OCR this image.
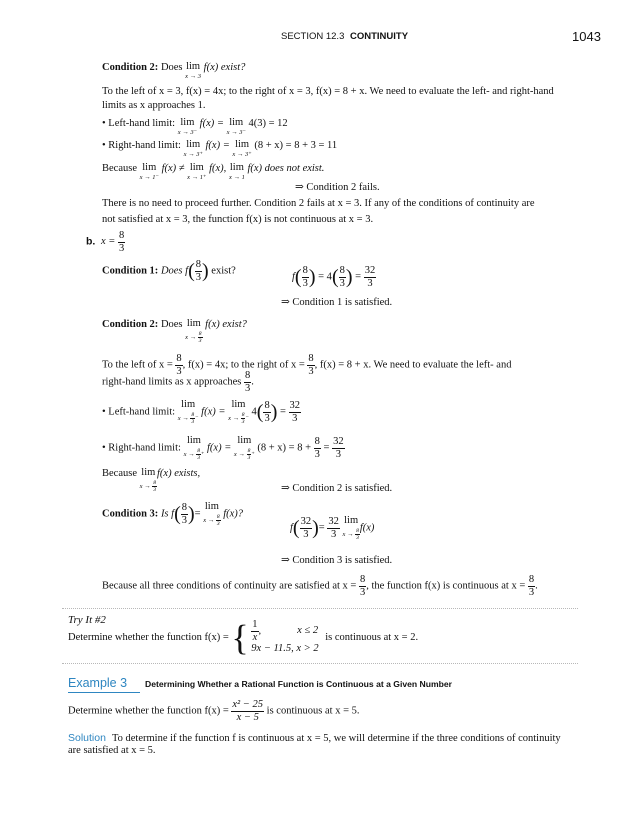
SECTION 12.3 CONTINUITY	1043
Condition 2: Does lim
x → 3
f(x) exist?
To the left of x = 3, f(x) = 4x; to the right of x = 3, f(x) = 8 + x. We need to evaluate the left- and right-hand
limits as x approaches 1.
• Left-hand limit: lim
x → 3⁻
f(x) = lim
x → 3⁻
4(3) = 12
• Right-hand limit: lim
x → 3⁺
f(x) = lim
x → 3⁺
(8 + x) = 8 + 3 = 11
Because lim
x → 1⁻
f(x) ≠ lim
x → 1⁺
f(x), lim
x → 1
f(x) does not exist.
⇒ Condition 2 fails.
There is no need to proceed further. Condition 2 fails at x = 3. If any of the conditions of continuity are
not satisfied at x = 3, the function f(x) is not continuous at x = 3.
b. $x = \frac{8}{3}$
Condition 1: Does $f( \frac{8}{3}$ ) exist?
$f( \frac{8}{3}$ ) = $4( \frac{8}{3}$ ) = $\frac{32}{3}$
⇒ Condition 1 is satisfied.
Condition 2: Does lim
$x \to \frac{8}{3}$
f(x) exist?
To the left of $x = \frac{8}{3}$ , f(x) = 4x; to the right of $x = \frac{8}{3}$ , f(x) = 8 + x. We need to evaluate the left- and
right-hand limits as x approaches $\frac{8}{3}$ .
• Left-hand limit: lim
$x \to \frac{8}{3}$ ⁻
f(x) = lim
$x \to \frac{8}{3}$ ⁻
$4( \frac{8}{3}$ ) = $\frac{32}{3}$
• Right-hand limit: lim
$x \to \frac{8}{3}$ ⁺
f(x) = lim
$x \to \frac{8}{3}$ ⁺
$(8 + x) = 8 + \frac{8}{3} = \frac{32}{3}$
Because lim
$x \to \frac{8}{3}$
f(x) exists,
⇒ Condition 2 is satisfied.
Condition 3: Is $f( \frac{8}{3}$ )= lim
$x \to \frac{8}{3} f(x)$?
$f( \frac{32}{3}$ )= $\frac{32}{3}$ lim
$x \to \frac{8}{3} f(x)$
⇒ Condition 3 is satisfied.
Because all three conditions of continuity are satisfied at $x = \frac{8}{3}$ , the function f(x) is continuous at $x = \frac{8}{3}$ .
Try It #2
Determine whether the function f(x) = { $\frac{1}{x}$ ,	x ≤ 2
9x − 11.5, x > 2
is continuous at x = 2.
Example 3 Determining Whether a Rational Function is Continuous at a Given Number
Determine whether the function $f(x) = \frac{\text{x² − 25}}{x - 5}$ is continuous at x = 5.
Solution To determine if the function f is continuous at x = 5, we will determine if the three conditions of continuity
are satisfied at x = 5.
